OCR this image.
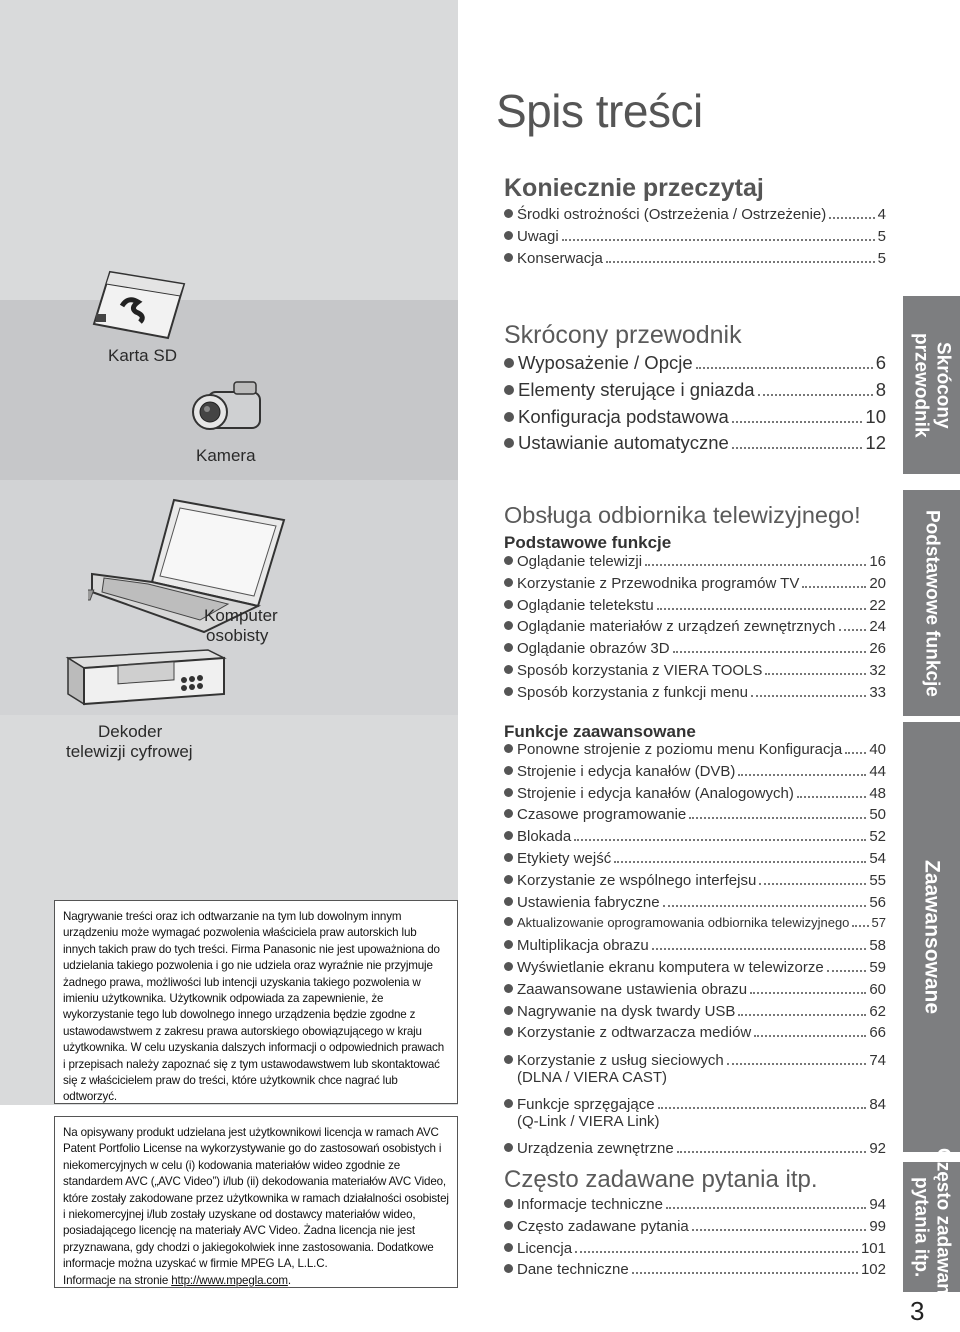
Karta SD
Kamera
Komputer
osobisty
Dekoder
telewizji cyfrowej
Nagrywanie treści oraz ich odtwarzanie na tym lub dowolnym innym urządzeniu może wymagać pozwolenia właściciela praw autorskich lub innych takich praw do tych treści. Firma Panasonic nie jest upoważniona do udzielania takiego pozwolenia i go nie udziela oraz wyraźnie nie przyjmuje żadnego prawa, możliwości lub intencji uzyskania takiego pozwolenia w imieniu użytkownika. Użytkownik odpowiada za zapewnienie, że wykorzystanie tego lub dowolnego innego urządzenia będzie zgodne z ustawodawstwem z zakresu prawa autorskiego obowiązującego w kraju użytkownika. W celu uzyskania dalszych informacji o odpowiednich prawach i przepisach należy zapoznać się z tym ustawodawstwem lub skontaktować się z właścicielem praw do treści, które użytkownik chce nagrać lub odtworzyć.
Na opisywany produkt udzielana jest użytkownikowi licencja w ramach AVC Patent Portfolio License na wykorzystywanie go do zastosowań osobistych i niekomercyjnych w celu (i) kodowania materiałów wideo zgodnie ze standardem AVC („AVC Video”) i/lub (ii) dekodowania materiałów AVC Video, które zostały zakodowane przez użytkownika w ramach działalności osobistej i niekomercyjnej i/lub zostały uzyskane od dostawcy materiałów wideo, posiadającego licencję na materiały AVC Video. Żadna licencja nie jest przyznawana, gdy chodzi o jakiegokolwiek inne zastosowania. Dodatkowe informacje można uzyskać w firmie MPEG LA, L.L.C.
Informacje na stronie http://www.mpegla.com.
Spis treści
Koniecznie przeczytaj
Środki ostrożności (Ostrzeżenia / Ostrzeżenie)	4
Uwagi	5
Konserwacja	5
Skrócony przewodnik
Wyposażenie / Opcje	6
Elementy sterujące i gniazda	8
Konfiguracja podstawowa	10
Ustawianie automatyczne	12
Obsługa odbiornika telewizyjnego!
Podstawowe funkcje
Oglądanie telewizji	16
Korzystanie z Przewodnika programów TV	20
Oglądanie teletekstu	22
Oglądanie materiałów z urządzeń zewnętrznych 24
Oglądanie obrazów 3D	26
Sposób korzystania z VIERA TOOLS	32
Sposób korzystania z funkcji menu	33
Funkcje zaawansowane
Ponowne strojenie z poziomu menu Konfiguracja 40
Strojenie i edycja kanałów (DVB)	44
Strojenie i edycja kanałów (Analogowych)	48
Czasowe programowanie	50
Blokada	52
Etykiety wejść	54
Korzystanie ze wspólnego interfejsu	55
Ustawienia fabryczne	56
Aktualizowanie oprogramowania odbiornika telewizyjnego 57
Multiplikacja obrazu	58
Wyświetlanie ekranu komputera w telewizorze	59
Zaawansowane ustawienia obrazu	60
Nagrywanie na dysk twardy USB	62
Korzystanie z odtwarzacza mediów	66
Korzystanie z usług sieciowych	74
(DLNA / VIERA CAST)
Funkcje sprzęgające	84
(Q-Link / VIERA Link)
Urządzenia zewnętrzne	92
Często zadawane pytania itp.
Informacje techniczne	94
Często zadawane pytania	99
Licencja	101
Dane techniczne	102
Skrócony
przewodnik
Podstawowe funkcje
Zaawansowane
Często zadawane
pytania itp.
3
